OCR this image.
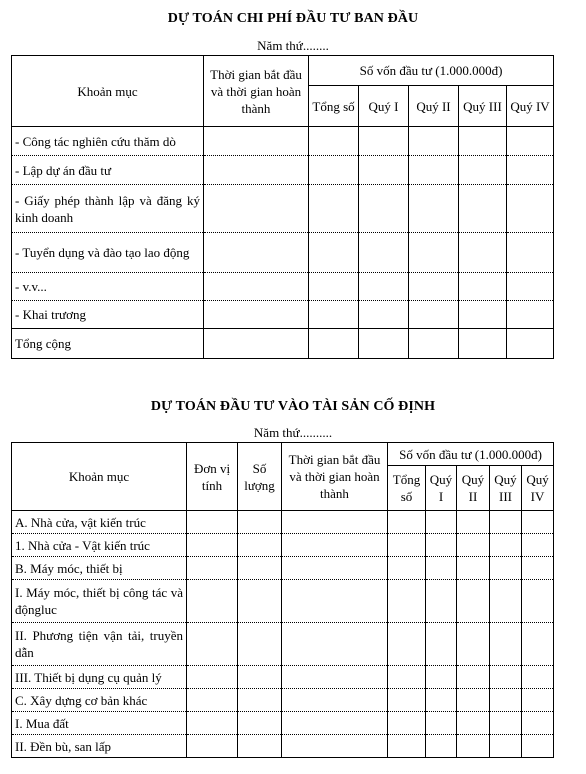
DỰ TOÁN CHI PHÍ ĐẦU TƯ BAN ĐẦU
Năm thứ........
Khoản mục	Thời gian bắt đầu và thời gian hoàn thành	Số vốn đầu tư (1.000.000đ)				
		Tổng số	Quý I	Quý II	Quý III	Quý IV
- Công tác nghiên cứu thăm dò						
- Lập dự án đầu tư						
- Giấy phép thành lập và đăng ký kinh doanh						
- Tuyển dụng và đào tạo lao động						
- v.v...						
- Khai trương						
Tổng cộng						
DỰ TOÁN ĐẦU TƯ VÀO TÀI SẢN CỐ ĐỊNH
Năm thứ..........
Khoản mục	Đơn vị tính	Số lượng	Thời gian bắt đầu và thời gian hoàn thành	Số vốn đầu tư (1.000.000đ)				
				Tổng số	Quý I	Quý II	Quý III	Quý IV
A. Nhà cửa, vật kiến trúc								
1. Nhà cửa - Vật kiến trúc								
B. Máy móc, thiết bị								
I. Máy móc, thiết bị công tác và độngluc								
II. Phương tiện vận tải, truyền dẫn								
III. Thiết bị dụng cụ quản lý								
C. Xây dựng cơ bản khác								
I. Mua đất								
II. Đền bù, san lấp								
